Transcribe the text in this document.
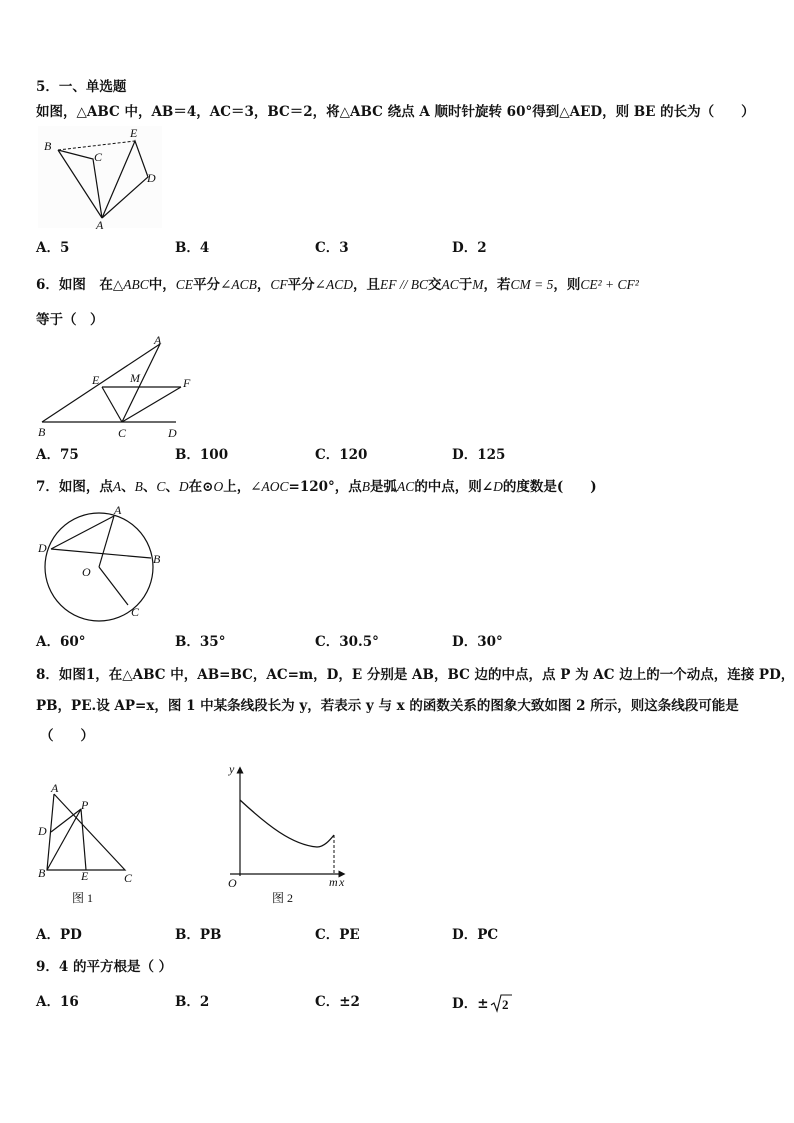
5．一、单选题
如图，△ABC 中，AB＝4，AC＝3，BC＝2，将△ABC 绕点 A 顺时针旋转 60°得到△AED，则 BE 的长为（　　）
B
C
E
D
A
A．5	B．4	C．3	D．2
6．如图　在△ABC中，CE平分∠ACB，CF平分∠ACD，且EF // BC交AC于M，若CM = 5，则CE² + CF²
等于（　）
A
E	M	F
B	C	D
A．75	B．100	C．120	D．125
7．如图，点A、B、C、D在⊙O上，∠AOC=120°，点B是弧AC的中点，则∠D的度数是(　　)
A
D
B
O
C
A．60°	B．35°	C．30.5°	D．30°
8．如图1，在△ABC 中，AB=BC，AC=m，D，E 分别是 AB，BC 边的中点，点 P 为 AC 边上的一个动点，连接 PD，
PB，PE.设 AP=x，图 1 中某条线段长为 y，若表示 y 与 x 的函数关系的图象大致如图 2 所示，则这条线段可能是
（　　）
A
P
D
B	E	C
图 1
y
O	m x
图 2
A．PD	B．PB	C．PE	D．PC
9．4 的平方根是（ ）
A．16	B．2	C．±2	D．± 2
